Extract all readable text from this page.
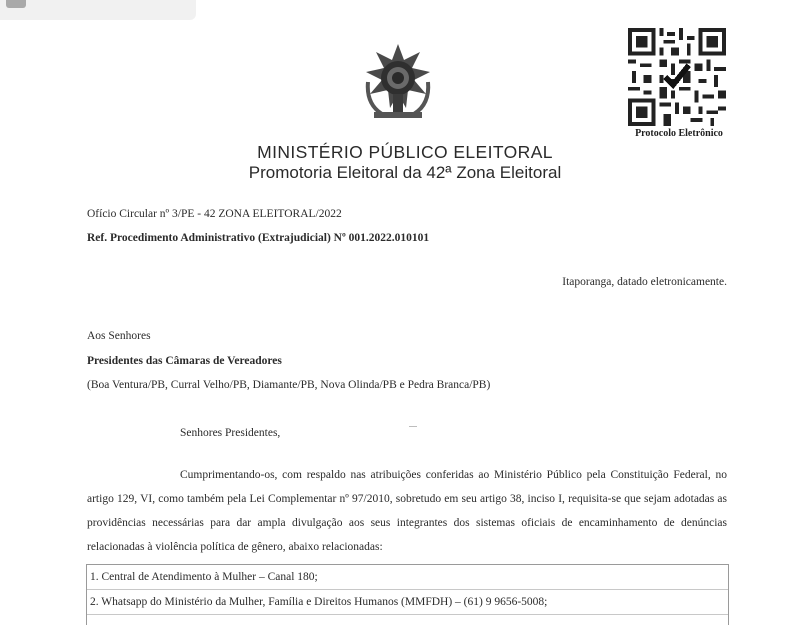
Protocolo Eletrônico
MINISTÉRIO PÚBLICO ELEITORAL
Promotoria Eleitoral da 42ª Zona Eleitoral
Ofício Circular nº 3/PE - 42 ZONA ELEITORAL/2022
Ref. Procedimento Administrativo (Extrajudicial) Nº 001.2022.010101
Itaporanga, datado eletronicamente.
Aos Senhores
Presidentes das Câmaras de Vereadores
(Boa Ventura/PB, Curral Velho/PB, Diamante/PB, Nova Olinda/PB e Pedra Branca/PB)
Senhores Presidentes,
Cumprimentando-os, com respaldo nas atribuições conferidas ao Ministério Público pela Constituição Federal, no artigo 129, VI, como também pela Lei Complementar nº 97/2010, sobretudo em seu artigo 38, inciso I, requisita-se que sejam adotadas as providências necessárias para dar ampla divulgação aos seus integrantes dos sistemas oficiais de encaminhamento de denúncias relacionadas à violência política de gênero, abaixo relacionadas:
1. Central de Atendimento à Mulher – Canal 180;
2. Whatsapp do Ministério da Mulher, Família e Direitos Humanos (MMFDH) – (61) 9 9656-5008;
